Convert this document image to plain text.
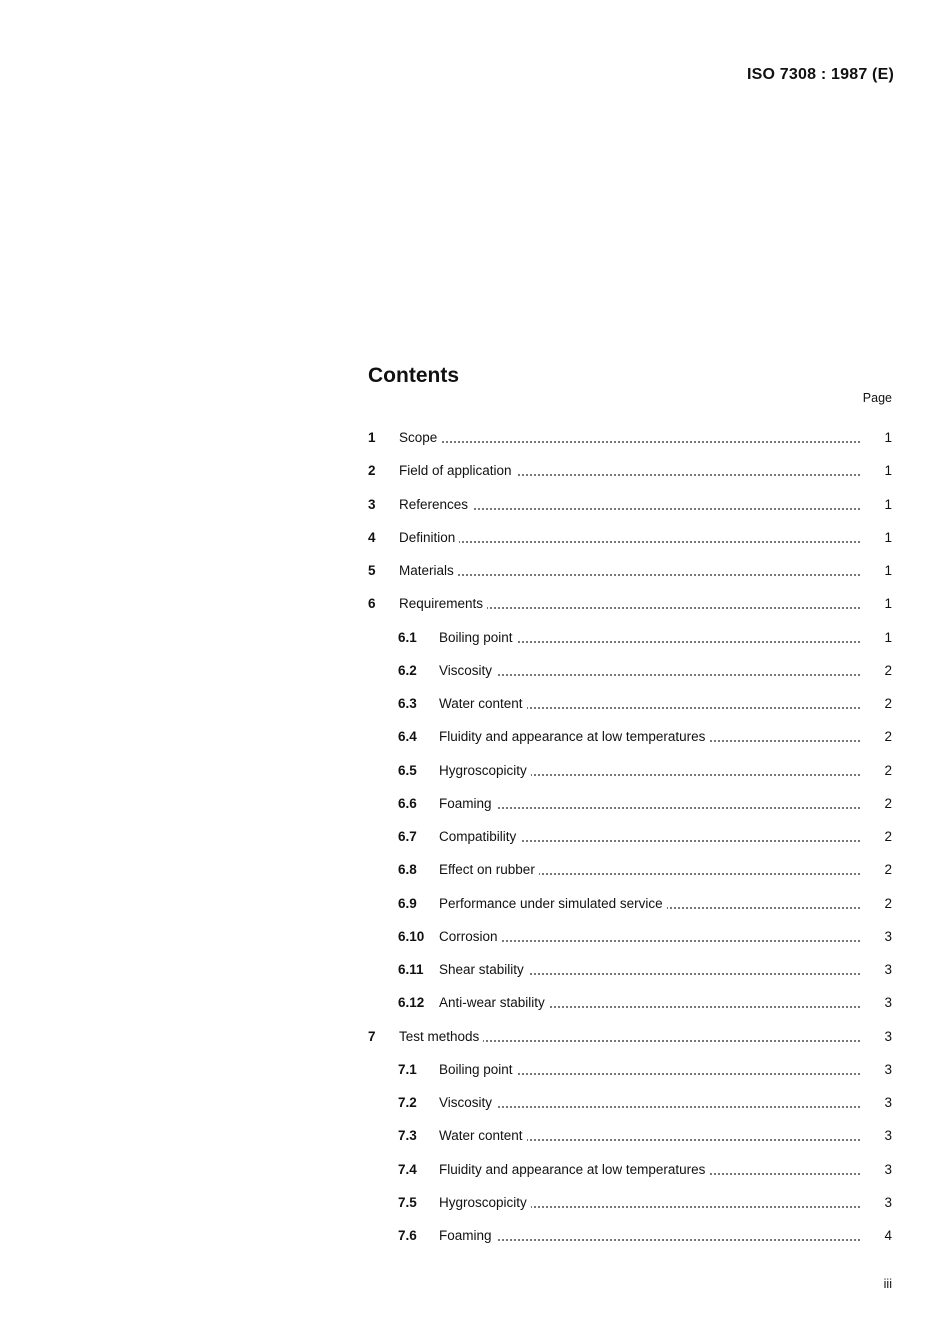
ISO 7308 : 1987 (E)
Contents
Page
1 Scope	1
2 Field of application	1
3 References	1
4 Definition	1
5 Materials	1
6 Requirements	1
6.1 Boiling point	1
6.2 Viscosity	2
6.3 Water content	2
6.4 Fluidity and appearance at low temperatures	2
6.5 Hygroscopicity	2
6.6 Foaming	2
6.7 Compatibility	2
6.8 Effect on rubber	2
6.9 Performance under simulated service	2
6.10 Corrosion	3
6.11 Shear stability	3
6.12 Anti-wear stability	3
7 Test methods	3
7.1 Boiling point	3
7.2 Viscosity	3
7.3 Water content	3
7.4 Fluidity and appearance at low temperatures	3
7.5 Hygroscopicity	3
7.6 Foaming	4
iii
